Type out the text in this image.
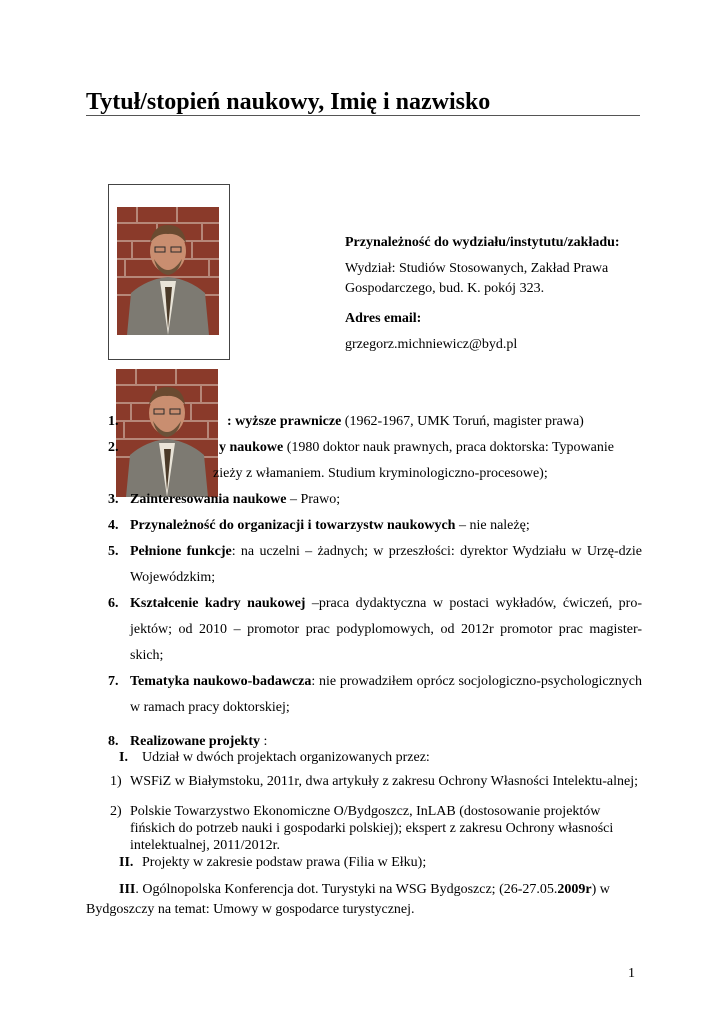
Tytuł/stopień naukowy, Imię i nazwisko
Przynależność do wydziału/instytutu/zakładu:
Wydział: Studiów Stosowanych, Zakład Prawa Gospodarczego, bud. K. pokój 323.
Adres email:
grzegorz.michniewicz@byd.pl
1.	: wyższe prawnicze (1962-1967, UMK Toruń, magister prawa)
2.	y naukowe (1980 doktor nauk prawnych, praca doktorska: Typowanie
zieży z włamaniem. Studium kryminologiczno-procesowe);
3. Zainteresowania naukowe – Prawo;
4. Przynależność do organizacji i towarzystw naukowych – nie należę;
5. Pełnione funkcje: na uczelni – żadnych; w przeszłości: dyrektor Wydziału w Urzę-dzie Wojewódzkim;
6. Kształcenie kadry naukowej –praca dydaktyczna w postaci wykładów, ćwiczeń, pro-jektów; od 2010 – promotor prac podyplomowych, od 2012r promotor prac magister-skich;
7. Tematyka naukowo-badawcza: nie prowadziłem oprócz socjologiczno-psychologicznych w ramach pracy doktorskiej;
8. Realizowane projekty :
I. Udział w dwóch projektach organizowanych przez:
1) WSFiZ w Białymstoku, 2011r, dwa artykuły z zakresu Ochrony Własności Intelektu-alnej;
2) Polskie Towarzystwo Ekonomiczne O/Bydgoszcz, InLAB (dostosowanie projektów fińskich do potrzeb nauki i gospodarki polskiej); ekspert z zakresu Ochrony własności intelektualnej, 2011/2012r.
II. Projekty w zakresie podstaw prawa (Filia w Ełku);
III. Ogólnopolska Konferencja dot. Turystyki na WSG Bydgoszcz; (26-27.05.2009r) w Bydgoszczy na temat: Umowy w gospodarce turystycznej.
1
